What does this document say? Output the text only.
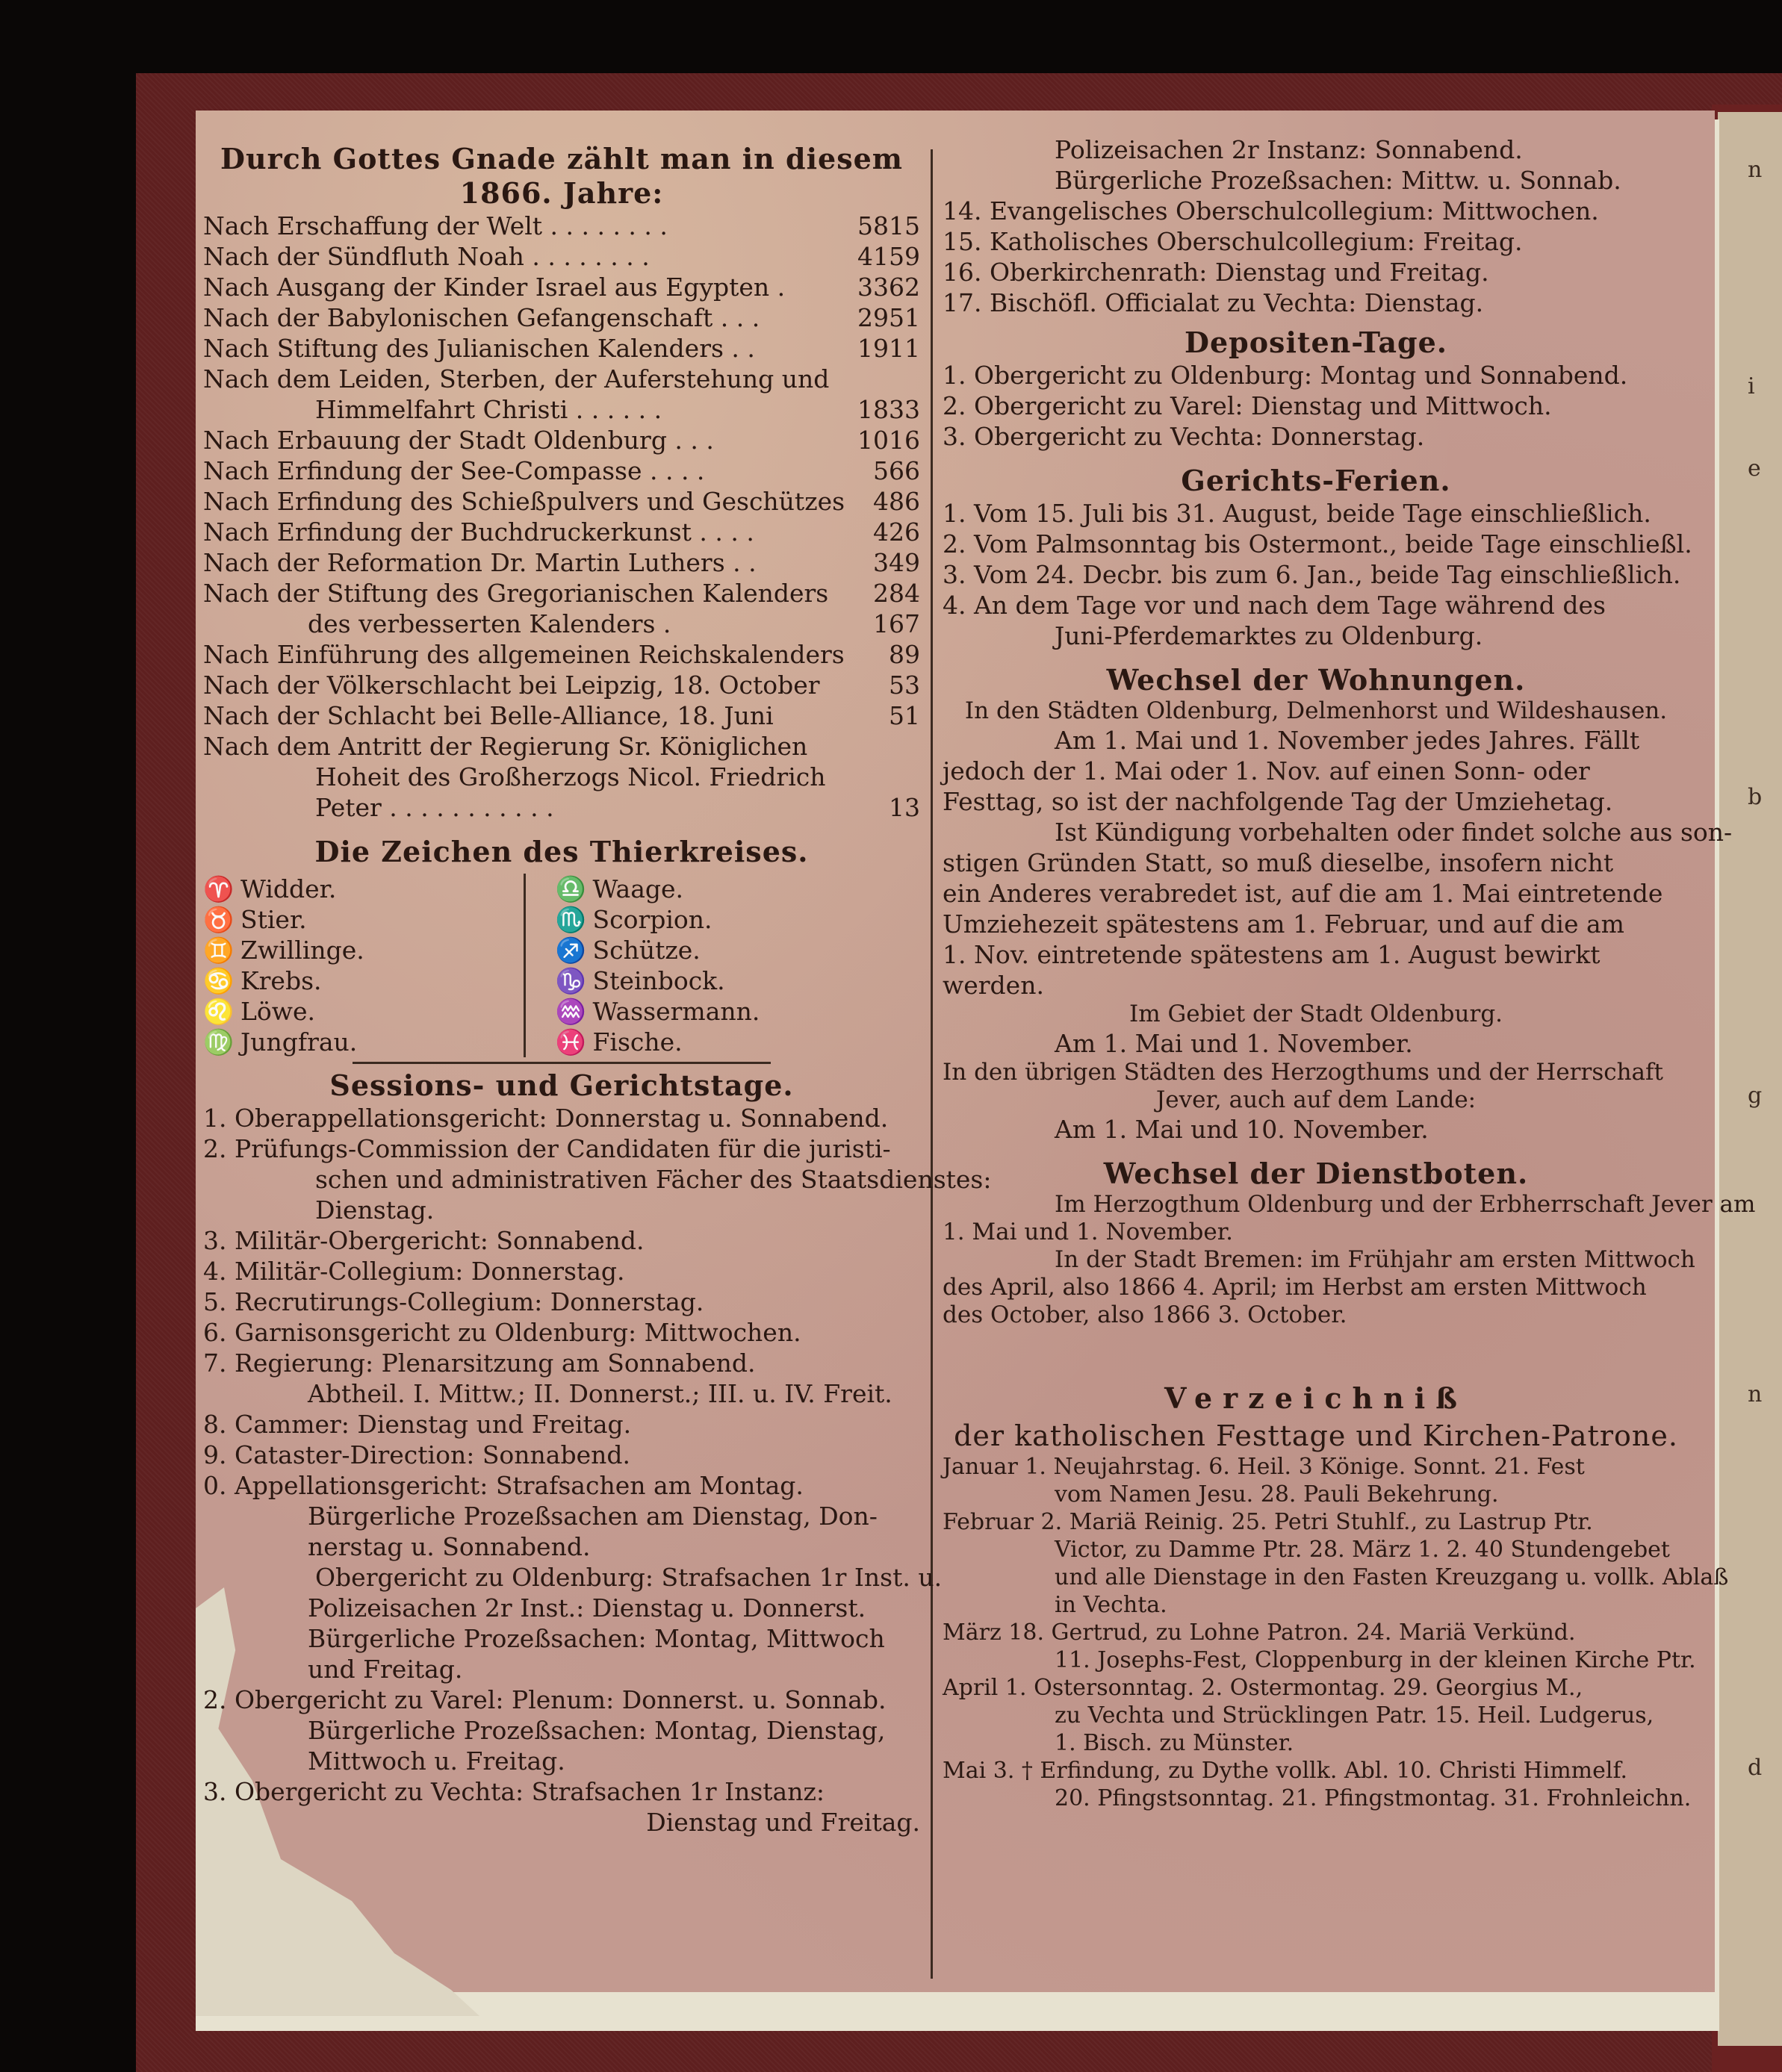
n
i
e
b
g
n
d
Durch Gottes Gnade zählt man in diesem
1866. Jahre:
Nach Erschaffung der Welt . . . . . . . .	5815
Nach der Sündfluth Noah . . . . . . . .	4159
Nach Ausgang der Kinder Israel aus Egypten .	3362
Nach der Babylonischen Gefangenschaft . . .	2951
Nach Stiftung des Julianischen Kalenders . .	1911
Nach dem Leiden, Sterben, der Auferstehung und
Himmelfahrt Christi . . . . . .	1833
Nach Erbauung der Stadt Oldenburg . . .	1016
Nach Erfindung der See-Compasse . . . .	566
Nach Erfindung des Schießpulvers und Geschützes 486
Nach Erfindung der Buchdruckerkunst . . . .	426
Nach der Reformation Dr. Martin Luthers . .	349
Nach der Stiftung des Gregorianischen Kalenders 284
des verbesserten Kalenders .	167
Nach Einführung des allgemeinen Reichskalenders 89
Nach der Völkerschlacht bei Leipzig, 18. October	53
Nach der Schlacht bei Belle-Alliance, 18. Juni	51
Nach dem Antritt der Regierung Sr. Königlichen
Hoheit des Großherzogs Nicol. Friedrich
Peter . . . . . . . . . . .	13
Die Zeichen des Thierkreises.
♈ Widder.
♉ Stier.
♊ Zwillinge.
♋ Krebs.
♌ Löwe.
♍ Jungfrau.
♎ Waage.
♏ Scorpion.
♐ Schütze.
♑ Steinbock.
♒ Wassermann.
♓ Fische.
Sessions- und Gerichtstage.
1. Oberappellationsgericht: Donnerstag u. Sonnabend.
2. Prüfungs-Commission der Candidaten für die juristi-
schen und administrativen Fächer des Staatsdienstes:
Dienstag.
3. Militär-Obergericht: Sonnabend.
4. Militär-Collegium: Donnerstag.
5. Recrutirungs-Collegium: Donnerstag.
6. Garnisonsgericht zu Oldenburg: Mittwochen.
7. Regierung: Plenarsitzung am Sonnabend.
Abtheil. I. Mittw.; II. Donnerst.; III. u. IV. Freit.
8. Cammer: Dienstag und Freitag.
9. Cataster-Direction: Sonnabend.
0. Appellationsgericht: Strafsachen am Montag.
Bürgerliche Prozeßsachen am Dienstag, Don-
nerstag u. Sonnabend.
Obergericht zu Oldenburg: Strafsachen 1r Inst. u.
Polizeisachen 2r Inst.: Dienstag u. Donnerst.
Bürgerliche Prozeßsachen: Montag, Mittwoch
und Freitag.
2. Obergericht zu Varel: Plenum: Donnerst. u. Sonnab.
Bürgerliche Prozeßsachen: Montag, Dienstag,
Mittwoch u. Freitag.
3. Obergericht zu Vechta: Strafsachen 1r Instanz:
Dienstag und Freitag.
Polizeisachen 2r Instanz: Sonnabend.
Bürgerliche Prozeßsachen: Mittw. u. Sonnab.
14. Evangelisches Oberschulcollegium: Mittwochen.
15. Katholisches Oberschulcollegium: Freitag.
16. Oberkirchenrath: Dienstag und Freitag.
17. Bischöfl. Officialat zu Vechta: Dienstag.
Depositen-Tage.
1. Obergericht zu Oldenburg: Montag und Sonnabend.
2. Obergericht zu Varel: Dienstag und Mittwoch.
3. Obergericht zu Vechta: Donnerstag.
Gerichts-Ferien.
1. Vom 15. Juli bis 31. August, beide Tage einschließlich.
2. Vom Palmsonntag bis Ostermont., beide Tage einschließl.
3. Vom 24. Decbr. bis zum 6. Jan., beide Tag einschließlich.
4. An dem Tage vor und nach dem Tage während des
Juni-Pferdemarktes zu Oldenburg.
Wechsel der Wohnungen.
In den Städten Oldenburg, Delmenhorst und Wildeshausen.
Am 1. Mai und 1. November jedes Jahres. Fällt
jedoch der 1. Mai oder 1. Nov. auf einen Sonn- oder
Festtag, so ist der nachfolgende Tag der Umziehetag.
Ist Kündigung vorbehalten oder findet solche aus son-
stigen Gründen Statt, so muß dieselbe, insofern nicht
ein Anderes verabredet ist, auf die am 1. Mai eintretende
Umziehezeit spätestens am 1. Februar, und auf die am
1. Nov. eintretende spätestens am 1. August bewirkt
werden.
Im Gebiet der Stadt Oldenburg.
Am 1. Mai und 1. November.
In den übrigen Städten des Herzogthums und der Herrschaft
Jever, auch auf dem Lande:
Am 1. Mai und 10. November.
Wechsel der Dienstboten.
Im Herzogthum Oldenburg und der Erbherrschaft Jever am
1. Mai und 1. November.
In der Stadt Bremen: im Frühjahr am ersten Mittwoch
des April, also 1866 4. April; im Herbst am ersten Mittwoch
des October, also 1866 3. October.
Verzeichniß
der katholischen Festtage und Kirchen-Patrone.
Januar 1. Neujahrstag. 6. Heil. 3 Könige. Sonnt. 21. Fest
vom Namen Jesu. 28. Pauli Bekehrung.
Februar 2. Mariä Reinig. 25. Petri Stuhlf., zu Lastrup Ptr.
Victor, zu Damme Ptr. 28. März 1. 2. 40 Stundengebet
und alle Dienstage in den Fasten Kreuzgang u. vollk. Ablaß
in Vechta.
März 18. Gertrud, zu Lohne Patron. 24. Mariä Verkünd.
11. Josephs-Fest, Cloppenburg in der kleinen Kirche Ptr.
April 1. Ostersonntag. 2. Ostermontag. 29. Georgius M.,
zu Vechta und Strücklingen Patr. 15. Heil. Ludgerus,
1. Bisch. zu Münster.
Mai 3. † Erfindung, zu Dythe vollk. Abl. 10. Christi Himmelf.
20. Pfingstsonntag. 21. Pfingstmontag. 31. Frohnleichn.
